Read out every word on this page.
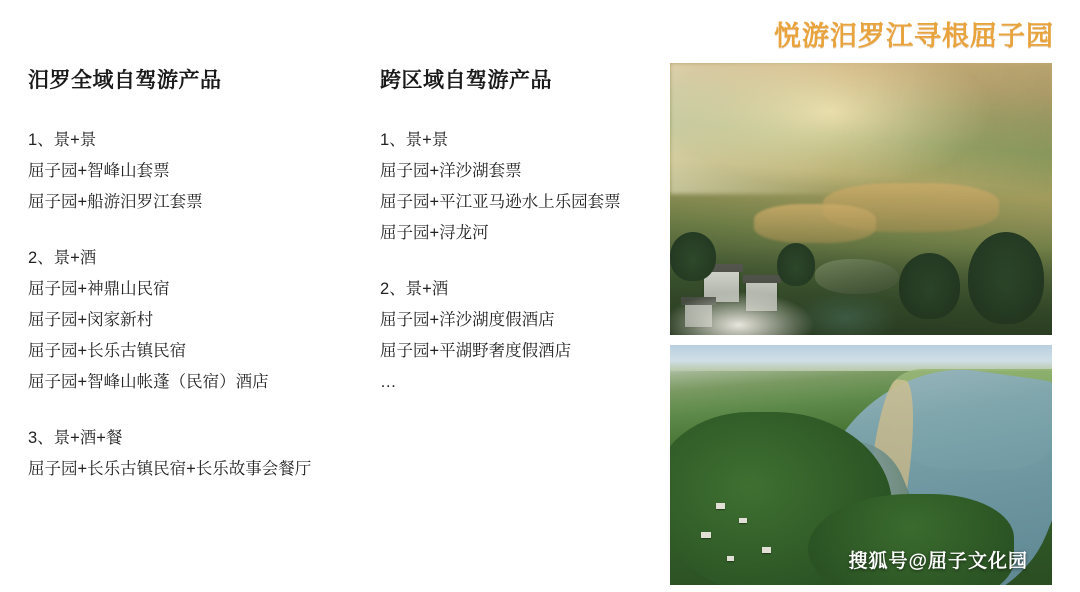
悦游汨罗江寻根屈子园
汨罗全域自驾游产品
1、景+景
屈子园+智峰山套票
屈子园+船游汨罗江套票
2、景+酒
屈子园+神鼎山民宿
屈子园+闵家新村
屈子园+长乐古镇民宿
屈子园+智峰山帐蓬（民宿）酒店
3、景+酒+餐
屈子园+长乐古镇民宿+长乐故事会餐厅
跨区域自驾游产品
1、景+景
屈子园+洋沙湖套票
屈子园+平江亚马逊水上乐园套票
屈子园+浔龙河
2、景+酒
屈子园+洋沙湖度假酒店
屈子园+平湖野奢度假酒店
…
搜狐号@屈子文化园
